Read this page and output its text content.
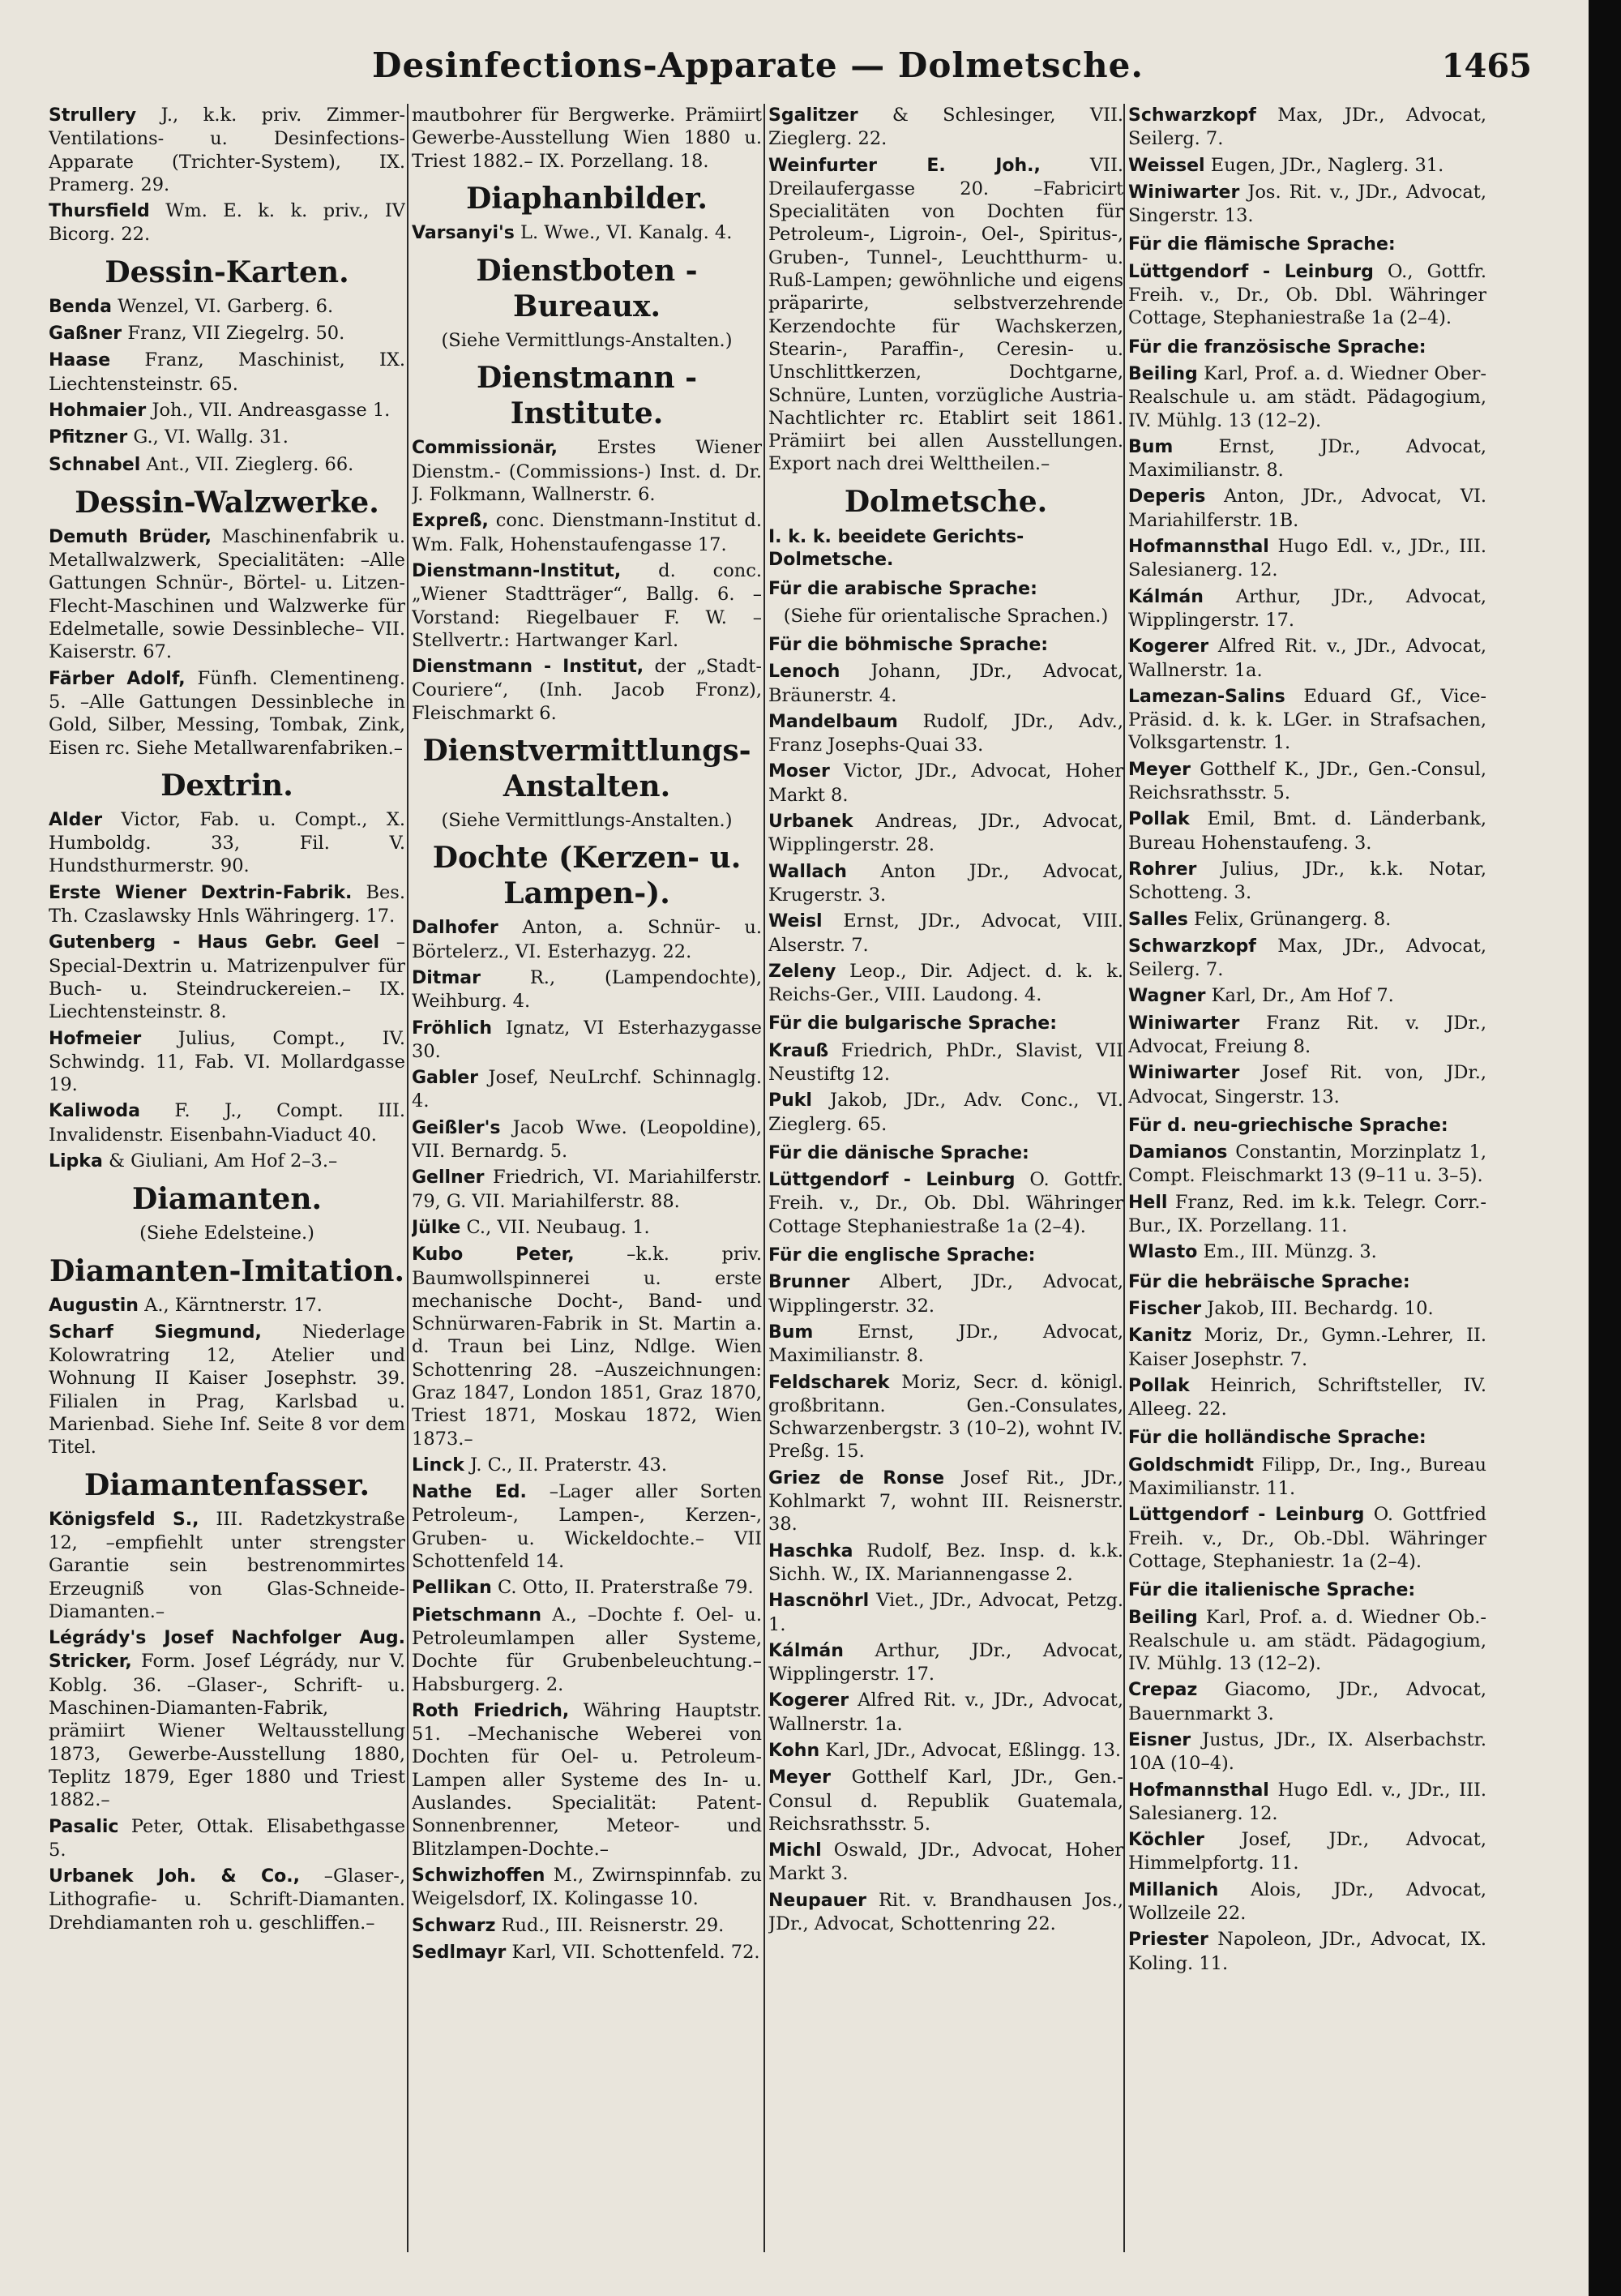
Desinfections-Apparate — Dolmetsche.	1465
Strullery J., k.k. priv. Zimmer-Ventilations- u. Desinfections-Apparate (Trichter-System), IX. Pramerg. 29.
Thursfield Wm. E. k. k. priv., IV Bicorg. 22.
Dessin-Karten.
Benda Wenzel, VI. Garberg. 6.
Gaßner Franz, VII Ziegelrg. 50.
Haase Franz, Maschinist, IX. Liechtensteinstr. 65.
Hohmaier Joh., VII. Andreasgasse 1.
Pfitzner G., VI. Wallg. 31.
Schnabel Ant., VII. Zieglerg. 66.
Dessin-Walzwerke.
Demuth Brüder, Maschinenfabrik u. Metallwalzwerk, Specialitäten: –Alle Gattungen Schnür-, Börtel- u. Litzen-Flecht-Maschinen und Walzwerke für Edelmetalle, sowie Dessinbleche– VII. Kaiserstr. 67.
Färber Adolf, Fünfh. Clementineng. 5. –Alle Gattungen Dessinbleche in Gold, Silber, Messing, Tombak, Zink, Eisen rc. Siehe Metallwarenfabriken.–
Dextrin.
Alder Victor, Fab. u. Compt., X. Humboldg. 33, Fil. V. Hundsthurmerstr. 90.
Erste Wiener Dextrin-Fabrik. Bes. Th. Czaslawsky Hnls Währingerg. 17.
Gutenberg - Haus Gebr. Geel –Special-Dextrin u. Matrizenpulver für Buch- u. Steindruckereien.– IX. Liechtensteinstr. 8.
Hofmeier Julius, Compt., IV. Schwindg. 11, Fab. VI. Mollardgasse 19.
Kaliwoda F. J., Compt. III. Invalidenstr. Eisenbahn-Viaduct 40.
Lipka & Giuliani, Am Hof 2–3.–
Diamanten.
(Siehe Edelsteine.)
Diamanten-Imitation.
Augustin A., Kärntnerstr. 17.
Scharf Siegmund, Niederlage Kolowratring 12, Atelier und Wohnung II Kaiser Josephstr. 39. Filialen in Prag, Karlsbad u. Marienbad. Siehe Inf. Seite 8 vor dem Titel.
Diamantenfasser.
Königsfeld S., III. Radetzkystraße 12, –empfiehlt unter strengster Garantie sein bestrenommirtes Erzeugniß von Glas-Schneide-Diamanten.–
Légrády's Josef Nachfolger Aug. Stricker, Form. Josef Légrády, nur V. Koblg. 36. –Glaser-, Schrift- u. Maschinen-Diamanten-Fabrik, prämiirt Wiener Weltausstellung 1873, Gewerbe-Ausstellung 1880, Teplitz 1879, Eger 1880 und Triest 1882.–
Pasalic Peter, Ottak. Elisabethgasse 5.
Urbanek Joh. & Co., –Glaser-, Lithografie- u. Schrift-Diamanten. Drehdiamanten roh u. geschliffen.–
mautbohrer für Bergwerke. Prämiirt Gewerbe-Ausstellung Wien 1880 u. Triest 1882.– IX. Porzellang. 18.
Diaphanbilder.
Varsanyi's L. Wwe., VI. Kanalg. 4.
Dienstboten - Bureaux.
(Siehe Vermittlungs-Anstalten.)
Dienstmann - Institute.
Commissionär, Erstes Wiener Dienstm.- (Commissions-) Inst. d. Dr. J. Folkmann, Wallnerstr. 6.
Expreß, conc. Dienstmann-Institut d. Wm. Falk, Hohenstaufengasse 17.
Dienstmann-Institut, d. conc. „Wiener Stadtträger“, Ballg. 6. –Vorstand: Riegelbauer F. W. –Stellvertr.: Hartwanger Karl.
Dienstmann - Institut, der „Stadt-Couriere“, (Inh. Jacob Fronz), Fleischmarkt 6.
Dienstvermittlungs-Anstalten.
(Siehe Vermittlungs-Anstalten.)
Dochte (Kerzen- u. Lampen-).
Dalhofer Anton, a. Schnür- u. Börtelerz., VI. Esterhazyg. 22.
Ditmar	R., (Lampendochte), Weihburg. 4.
Fröhlich Ignatz, VI Esterhazygasse 30.
Gabler Josef, NeuLrchf. Schinnaglg. 4.
Geißler's Jacob Wwe. (Leopoldine), VII. Bernardg. 5.
Gellner Friedrich, VI. Mariahilferstr. 79, G. VII. Mariahilferstr. 88.
Jülke C., VII. Neubaug. 1.
Kubo Peter,	–k.k. priv. Baumwollspinnerei u. erste mechanische Docht-, Band- und Schnürwaren-Fabrik in St. Martin a. d. Traun bei Linz, Ndlge. Wien Schottenring 28. –Auszeichnungen: Graz 1847, London 1851, Graz 1870, Triest 1871, Moskau 1872, Wien 1873.–
Linck J. C., II. Praterstr. 43.
Nathe Ed. –Lager aller Sorten Petroleum-, Lampen-, Kerzen-, Gruben- u. Wickeldochte.– VII Schottenfeld 14.
Pellikan C. Otto, II. Praterstraße 79.
Pietschmann A., –Dochte f. Oel- u. Petroleumlampen aller Systeme, Dochte für Grubenbeleuchtung.– Habsburgerg. 2.
Roth Friedrich, Währing Hauptstr. 51. –Mechanische Weberei von Dochten für Oel- u. Petroleum-Lampen aller Systeme des In- u. Auslandes. Specialität: Patent-Sonnenbrenner, Meteor- und Blitzlampen-Dochte.–
Schwizhoffen M., Zwirnspinnfab. zu Weigelsdorf, IX. Kolingasse 10.
Schwarz Rud., III. Reisnerstr. 29.
Sedlmayr Karl, VII. Schottenfeld. 72.
Sgalitzer & Schlesinger, VII. Zieglerg. 22.
Weinfurter E. Joh.,	VII. Dreilaufergasse 20. –Fabricirt Specialitäten von Dochten für Petroleum-, Ligroin-, Oel-, Spiritus-, Gruben-, Tunnel-, Leuchtthurm- u. Ruß-Lampen; gewöhnliche und eigens präparirte, selbstverzehrende Kerzendochte für Wachskerzen, Stearin-, Paraffin-, Ceresin- u. Unschlittkerzen, Dochtgarne, Schnüre, Lunten, vorzügliche Austria-Nachtlichter rc. Etablirt seit 1861. Prämiirt bei allen Ausstellungen. Export nach drei Welttheilen.–
Dolmetsche.
I. k. k. beeidete Gerichts-Dolmetsche.
Für die arabische Sprache:
(Siehe für orientalische Sprachen.)
Für die böhmische Sprache:
Lenoch Johann, JDr., Advocat, Bräunerstr. 4.
Mandelbaum Rudolf, JDr., Adv., Franz Josephs-Quai 33.
Moser Victor, JDr., Advocat, Hoher Markt 8.
Urbanek Andreas, JDr., Advocat, Wipplingerstr. 28.
Wallach Anton JDr., Advocat, Krugerstr. 3.
Weisl Ernst, JDr., Advocat, VIII. Alserstr. 7.
Zeleny Leop., Dir. Adject. d. k. k. Reichs-Ger., VIII. Laudong. 4.
Für die bulgarische Sprache:
Krauß Friedrich, PhDr., Slavist, VII Neustiftg 12.
Pukl Jakob, JDr., Adv. Conc., VI. Zieglerg. 65.
Für die dänische Sprache:
Lüttgendorf - Leinburg O. Gottfr. Freih. v., Dr., Ob. Dbl. Währinger Cottage Stephaniestraße 1a (2–4).
Für die englische Sprache:
Brunner Albert, JDr., Advocat, Wipplingerstr. 32.
Bum Ernst, JDr., Advocat, Maximilianstr. 8.
Feldscharek Moriz, Secr. d. königl. großbritann. Gen.-Consulates, Schwarzenbergstr. 3 (10–2), wohnt IV. Preßg. 15.
Griez de Ronse Josef Rit., JDr., Kohlmarkt 7, wohnt III. Reisnerstr. 38.
Haschka Rudolf, Bez. Insp. d. k.k. Sichh. W., IX. Mariannengasse 2.
Hascnöhrl Viet., JDr., Advocat, Petzg. 1.
Kálmán Arthur, JDr., Advocat, Wipplingerstr. 17.
Kogerer Alfred Rit. v., JDr., Advocat, Wallnerstr. 1a.
Kohn Karl, JDr., Advocat, Eßlingg. 13.
Meyer Gotthelf Karl, JDr., Gen.-Consul d. Republik Guatemala, Reichsrathsstr. 5.
Michl Oswald, JDr., Advocat, Hoher Markt 3.
Neupauer Rit. v. Brandhausen Jos., JDr., Advocat, Schottenring 22.
Schwarzkopf Max, JDr., Advocat, Seilerg. 7.
Weissel Eugen, JDr., Naglerg. 31.
Winiwarter Jos. Rit. v., JDr., Advocat, Singerstr. 13.
Für die flämische Sprache:
Lüttgendorf - Leinburg O., Gottfr. Freih. v., Dr., Ob. Dbl. Währinger Cottage, Stephaniestraße 1a (2–4).
Für die französische Sprache:
Beiling Karl, Prof. a. d. Wiedner Ober-Realschule u. am städt. Pädagogium, IV. Mühlg. 13 (12–2).
Bum Ernst, JDr., Advocat, Maximilianstr. 8.
Deperis Anton, JDr., Advocat, VI. Mariahilferstr. 1B.
Hofmannsthal Hugo Edl. v., JDr., III. Salesianerg. 12.
Kálmán Arthur, JDr., Advocat, Wipplingerstr. 17.
Kogerer Alfred Rit. v., JDr., Advocat, Wallnerstr. 1a.
Lamezan-Salins Eduard Gf., Vice-Präsid. d. k. k. LGer. in Strafsachen, Volksgartenstr. 1.
Meyer Gotthelf K., JDr., Gen.-Consul, Reichsrathsstr. 5.
Pollak Emil, Bmt. d. Länderbank, Bureau Hohenstaufeng. 3.
Rohrer Julius, JDr., k.k. Notar, Schotteng. 3.
Salles Felix, Grünangerg. 8.
Schwarzkopf Max, JDr., Advocat, Seilerg. 7.
Wagner Karl, Dr., Am Hof 7.
Winiwarter Franz Rit. v. JDr., Advocat, Freiung 8.
Winiwarter Josef Rit. von, JDr., Advocat, Singerstr. 13.
Für d. neu-griechische Sprache:
Damianos Constantin, Morzinplatz 1, Compt. Fleischmarkt 13 (9–11 u. 3–5).
Hell Franz, Red. im k.k. Telegr. Corr.-Bur., IX. Porzellang. 11.
Wlasto Em., III. Münzg. 3.
Für die hebräische Sprache:
Fischer Jakob, III. Bechardg. 10.
Kanitz Moriz, Dr., Gymn.-Lehrer, II. Kaiser Josephstr. 7.
Pollak Heinrich, Schriftsteller, IV. Alleeg. 22.
Für die holländische Sprache:
Goldschmidt Filipp, Dr., Ing., Bureau Maximilianstr. 11.
Lüttgendorf - Leinburg O. Gottfried Freih. v., Dr., Ob.-Dbl. Währinger Cottage, Stephaniestr. 1a (2–4).
Für die italienische Sprache:
Beiling Karl, Prof. a. d. Wiedner Ob.-Realschule u. am städt. Pädagogium, IV. Mühlg. 13 (12–2).
Crepaz Giacomo, JDr., Advocat, Bauernmarkt 3.
Eisner Justus, JDr., IX. Alserbachstr. 10A (10–4).
Hofmannsthal Hugo Edl. v., JDr., III. Salesianerg. 12.
Köchler Josef, JDr., Advocat, Himmelpfortg. 11.
Millanich Alois, JDr., Advocat, Wollzeile 22.
Priester Napoleon, JDr., Advocat, IX. Koling. 11.
